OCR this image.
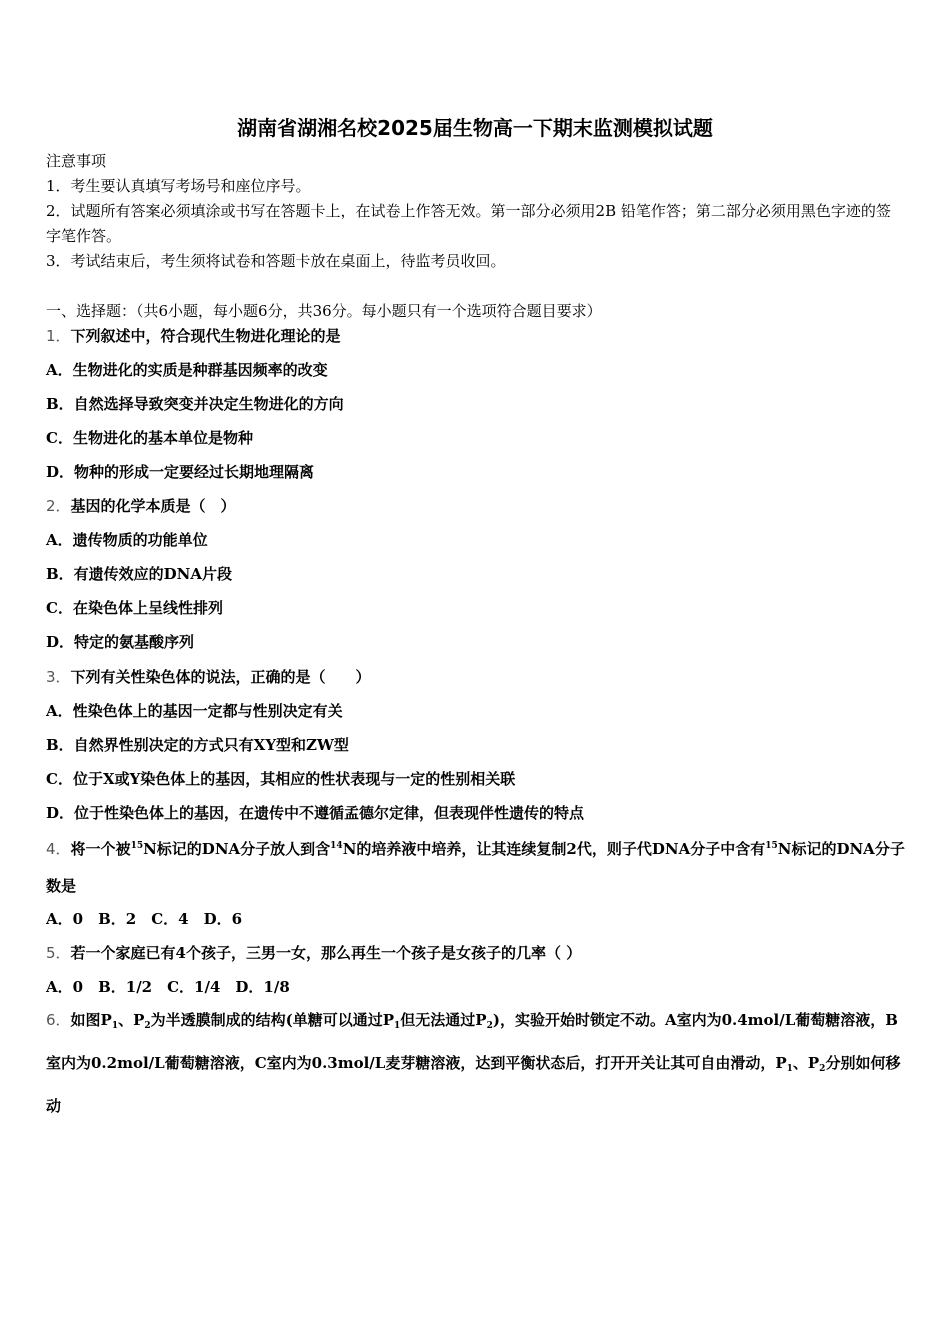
湖南省湖湘名校2025届生物高一下期末监测模拟试题
注意事项
1．考生要认真填写考场号和座位序号。
2．试题所有答案必须填涂或书写在答题卡上，在试卷上作答无效。第一部分必须用2B 铅笔作答；第二部分必须用黑色字迹的签字笔作答。
3．考试结束后，考生须将试卷和答题卡放在桌面上，待监考员收回。
一、选择题：（共6小题，每小题6分，共36分。每小题只有一个选项符合题目要求）
1．下列叙述中，符合现代生物进化理论的是
A．生物进化的实质是种群基因频率的改变
B．自然选择导致突变并决定生物进化的方向
C．生物进化的基本单位是物种
D．物种的形成一定要经过长期地理隔离
2．基因的化学本质是（　）
A．遗传物质的功能单位
B．有遗传效应的DNA片段
C．在染色体上呈线性排列
D．特定的氨基酸序列
3．下列有关性染色体的说法，正确的是（　　）
A．性染色体上的基因一定都与性别决定有关
B．自然界性别决定的方式只有XY型和ZW型
C．位于X或Y染色体上的基因，其相应的性状表现与一定的性别相关联
D．位于性染色体上的基因，在遗传中不遵循孟德尔定律，但表现伴性遗传的特点
4．将一个被$^{15}$N标记的DNA分子放人到含$^{14}$N的培养液中培养，让其连续复制2代，则子代DNA分子中含有$^{15}$N标记的DNA分子数是
A．0　B．2　C．4　D．6
5．若一个家庭已有4个孩子，三男一女，那么再生一个孩子是女孩子的几率（ ）
A．0　B．1/2　C．1/4　D．1/8
6．如图$P_1$、$P_2$为半透膜制成的结构(单糖可以通过$P_1$但无法通过$P_2$)，实验开始时锁定不动。A室内为0.4mol/L葡萄糖溶液，B室内为0.2mol/L葡萄糖溶液，C室内为0.3mol/L麦芽糖溶液，达到平衡状态后，打开开关让其可自由滑动，$P_1$、$P_2$分别如何移动
